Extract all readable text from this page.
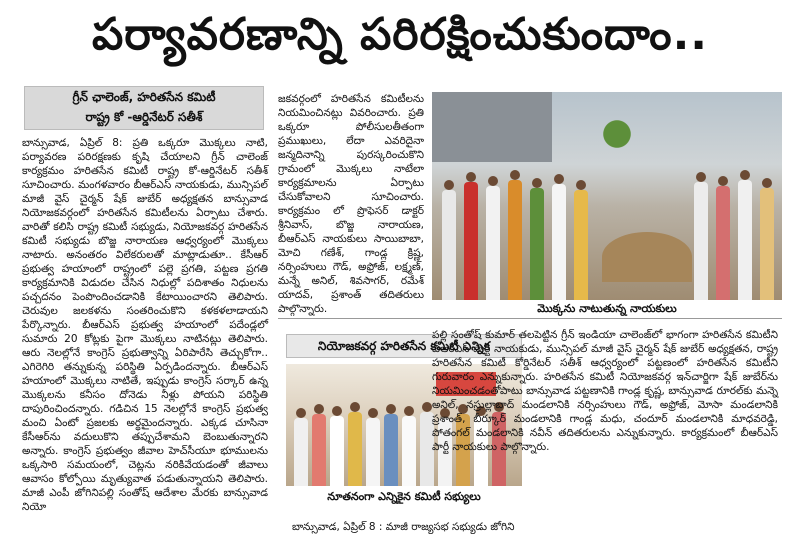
పర్యావరణాన్ని పరిరక్షించుకుందాం..
గ్రీన్ ఛాలెంజ్, హరితసేన కమిటీ
రాష్ట్ర కో -ఆర్డినేటర్ సతీశ్

బాన్సువాడ, ఏప్రిల్ 8: ప్రతి ఒక్కరూ మొక్కలు నాటి, పర్యావరణ పరిరక్షణకు కృషి చేయాలని గ్రీన్ చాలెంజ్ కార్యక్రమం హరితసేన కమిటీ రాష్ట్ర కో-ఆర్డినేటర్ సతీశ్ సూచించారు. మంగళవారం బీఆర్ఎస్ నాయకుడు, మున్సిపల్ మాజీ వైస్ చైర్మన్ షేక్ జుబేర్ అధ్యక్షతన బాన్సువాడ నియోజకవర్గంలో హరితసేన కమిటీలను ఏర్పాటు చేశారు. వారితో కలిసి రాష్ట్ర కమిటీ సభ్యుడు, నియోజకవర్గ హరితసేన కమిటీ సభ్యుడు బొజ్జ నారాయణ ఆధ్వర్యంలో మొక్కలు నాటారు. అనంతరం విలేకరులతో మాట్లాడుతూ.. కేసీఆర్ ప్రభుత్వ హయాంలో రాష్ట్రంలో పల్లె ప్రగతి, పట్టణ ప్రగతి కార్యక్రమానికి విడుదల చేసిన నిధుల్లో పదిశాతం నిధులను పచ్చదనం పెంపొందించడానికి కేటాయించారని తెలిపారు. చెరువుల జలకళను సంతరించుకొని కళకళలాడాయని పేర్కొన్నారు. బీఆర్ఎస్ ప్రభుత్వ హయాంలో పదేండ్లలో సుమారు 20 కోట్లకు పైగా మొక్కలు నాటినట్లు తెలిపారు. ఆరు నెలల్లోనే కాంగ్రెస్ ప్రభుత్వాన్ని ఏరిపారేసి తెచ్చుకోగా.. ఎగిరెగిరి తన్నుకున్న పరిస్థితి ఏర్పడిందన్నారు. బీఆర్ఎస్ హయాంలో మొక్కలు నాటితే, ఇప్పుడు కాంగ్రెస్ సర్కార్ ఉన్న మొక్కలను కనీసం దోనెడు నీళ్లు పోయని పరిస్థితి దాపురించిందన్నారు. గడిచిన 15 నెలల్లోనే కాంగ్రెస్ ప్రభుత్వ మంచి ఏంటో ప్రజలకు అర్థమైందన్నారు. ఎక్కడ చూసినా కేసీఆర్‌ను వదులుకొని తప్పుచేశామని బెంబుతున్నారని అన్నారు. కాంగ్రెస్ ప్రభుత్వం జీవాల హెచ్‌సీయూ భూములను ఒక్కసారి సమయంలో, చెట్లను నరికివేయడంతో జీవాలు ఆవాసం కోల్పోయి మృత్యువాత పడుతున్నాయని తెలిపారు. మాజీ ఎంపీ జోగినిపల్లి సంతోష్ ఆదేశాల మేరకు బాన్సువాడ నియో

జకవర్గంలో హరితసేన కమిటీలను నియమించినట్లు వివరించారు. ప్రతి ఒక్కరూ పోలీసులతీతంగా ప్రముఖులు, లేదా ఎవరిదైనా జన్మదినాన్ని పురస్కరించుకొని గ్రామంలో మొక్కలు నాటేలా కార్యక్రమాలను ఏర్పాటు చేసుకోవాలని సూచించారు. కార్యక్రమం లో ప్రొఫెసర్ డాక్టర్ శ్రీనివాస్, బొజ్జ నారాయణ, బీఆర్ఎస్ నాయకులు సాయిబాబా, మోచి గణేశ్, గాండ్ల క్రిష్ణ, నర్సింహులు గౌడ్, అఫ్రోజ్, లక్ష్మణ్, మన్నే అనిల్, శివసాగర్, రమేశ్ యాదవ్, ప్రశాంత్ తదితరులు పాల్గొన్నారు.	మొక్కను నాటుతున్న నాయకులు
నియోజకవర్గ హరితసేన కమిటీ ఎన్నిక
నూతనంగా ఎన్నికైన కమిటీ సభ్యులు

పల్లి సంతోష్ కుమార్ తలపెట్టిన గ్రీన్ ఇండియా చాలెంజ్‌లో భాగంగా హరితసేన కమిటీని బీఆర్ఎస్ పార్టీ నాయకుడు, మున్సిపల్ మాజీ వైస్ చైర్మన్ షేక్ జుబేర్ అధ్యక్షతన, రాష్ట్ర హరితసేన కమిటీ కోర్డినేటర్ సతీశ్ ఆధ్వర్యంలో పట్టణంలో హరితసేన కమిటీని గురువారం ఎన్నుకున్నారు. హరితసేన కమిటీ నియోజకవర్గ ఇన్‌చార్జిగా షేక్ జుబేర్‌ను నియమించడంతోపాటు బాన్సువాడ పట్టణానికి గాండ్ల కృష్ణ, బాన్సువాడ రూరల్‌కు మన్నె అనిల్, నస్రుల్లాబాద్ మండలానికి నర్సింహులు గౌడ్, అఫ్రోజ్, మోసా మండలానికి ప్రశాంత్, బీర్కూర్ మండలానికి గాండ్ల మధు, చందూర్ మండలానికి మాధవరెడ్డి, పోతంగల్ మండలానికి నవీన్ తదితరులను ఎన్నుకున్నారు. కార్యక్రమంలో బీఆర్ఎస్ పార్టీ నాయకులు పాల్గొన్నారు.

బాన్సువాడ, ఏప్రిల్ 8 : మాజీ రాజ్యసభ సభ్యుడు జోగిని
